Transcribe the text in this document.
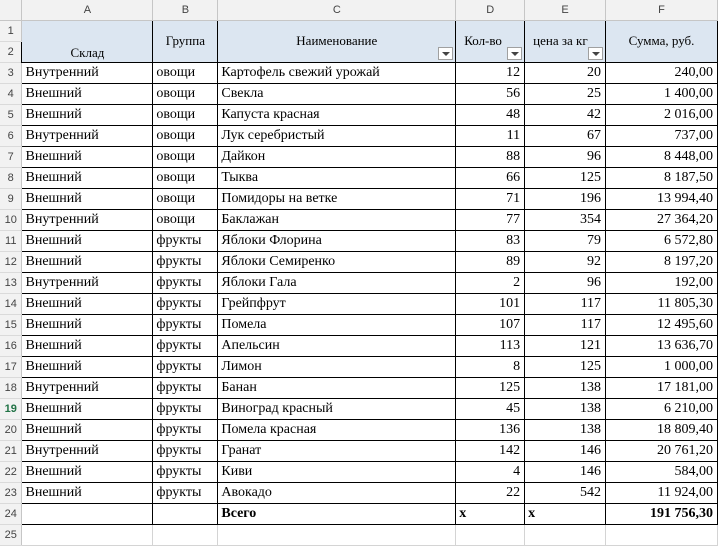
	A	B	C	D	E	F
1	Склад	Группа	Наименование	Кол-во	цена за кг	Сумма, руб.

2						
3	Внутренний	овощи	Картофель свежий урожай	12	20	240,00
4	Внешний	овощи	Свекла	56	25	1 400,00
5	Внешний	овощи	Капуста красная	48	42	2 016,00
6	Внутренний	овощи	Лук серебристый	11	67	737,00
7	Внешний	овощи	Дайкон	88	96	8 448,00
8	Внешний	овощи	Тыква	66	125	8 187,50
9	Внешний	овощи	Помидоры на ветке	71	196	13 994,40
10	Внутренний	овощи	Баклажан	77	354	27 364,20
11	Внешний	фрукты	Яблоки Флорина	83	79	6 572,80
12	Внешний	фрукты	Яблоки Семиренко	89	92	8 197,20
13	Внутренний	фрукты	Яблоки Гала	2	96	192,00
14	Внешний	фрукты	Грейпфрут	101	117	11 805,30
15	Внешний	фрукты	Помела	107	117	12 495,60
16	Внешний	фрукты	Апельсин	113	121	13 636,70
17	Внешний	фрукты	Лимон	8	125	1 000,00
18	Внутренний	фрукты	Банан	125	138	17 181,00
19	Внешний	фрукты	Виноград красный	45	138	6 210,00
20	Внешний	фрукты	Помела красная	136	138	18 809,40
21	Внутренний	фрукты	Гранат	142	146	20 761,20
22	Внешний	фрукты	Киви	4	146	584,00
23	Внешний	фрукты	Авокадо	22	542	11 924,00
24			Всего	x	x	191 756,30
25						
